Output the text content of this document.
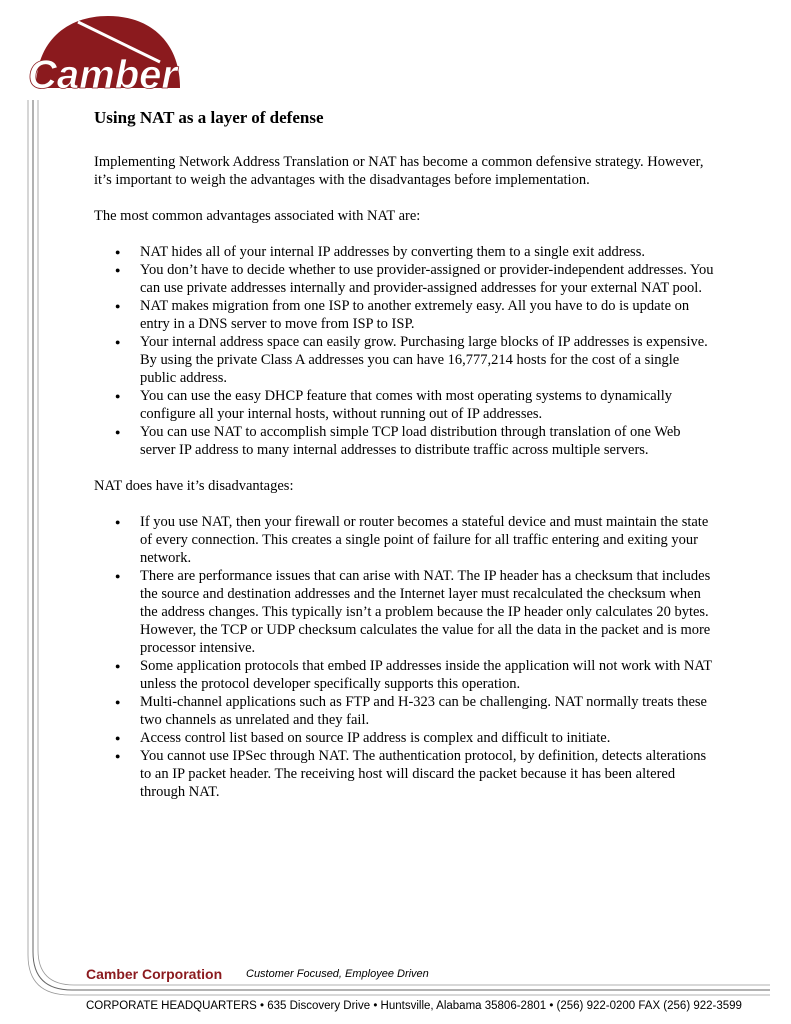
Camber
Using NAT as a layer of defense

Implementing Network Address Translation or NAT has become a common defensive strategy. However, it’s important to weigh the advantages with the disadvantages before implementation.

The most common advantages associated with NAT are:

● NAT hides all of your internal IP addresses by converting them to a single exit address.
● You don’t have to decide whether to use provider-assigned or provider-independent addresses. You can use private addresses internally and provider-assigned addresses for your external NAT pool.
● NAT makes migration from one ISP to another extremely easy. All you have to do is update on entry in a DNS server to move from ISP to ISP.
● Your internal address space can easily grow. Purchasing large blocks of IP addresses is expensive. By using the private Class A addresses you can have 16,777,214 hosts for the cost of a single public address.
● You can use the easy DHCP feature that comes with most operating systems to dynamically configure all your internal hosts, without running out of IP addresses.
● You can use NAT to accomplish simple TCP load distribution through translation of one Web server IP address to many internal addresses to distribute traffic across multiple servers.

NAT does have it’s disadvantages:

● If you use NAT, then your firewall or router becomes a stateful device and must maintain the state of every connection. This creates a single point of failure for all traffic entering and exiting your network.
● There are performance issues that can arise with NAT. The IP header has a checksum that includes the source and destination addresses and the Internet layer must recalculated the checksum when the address changes. This typically isn’t a problem because the IP header only calculates 20 bytes. However, the TCP or UDP checksum calculates the value for all the data in the packet and is more processor intensive.
● Some application protocols that embed IP addresses inside the application will not work with NAT unless the protocol developer specifically supports this operation.
● Multi-channel applications such as FTP and H-323 can be challenging. NAT normally treats these two channels as unrelated and they fail.
● Access control list based on source IP address is complex and difficult to initiate.
● You cannot use IPSec through NAT. The authentication protocol, by definition, detects alterations to an IP packet header. The receiving host will discard the packet because it has been altered through NAT.
Camber Corporation Customer Focused, Employee Driven
CORPORATE HEADQUARTERS • 635 Discovery Drive • Huntsville, Alabama 35806-2801 • (256) 922-0200 FAX (256) 922-3599
